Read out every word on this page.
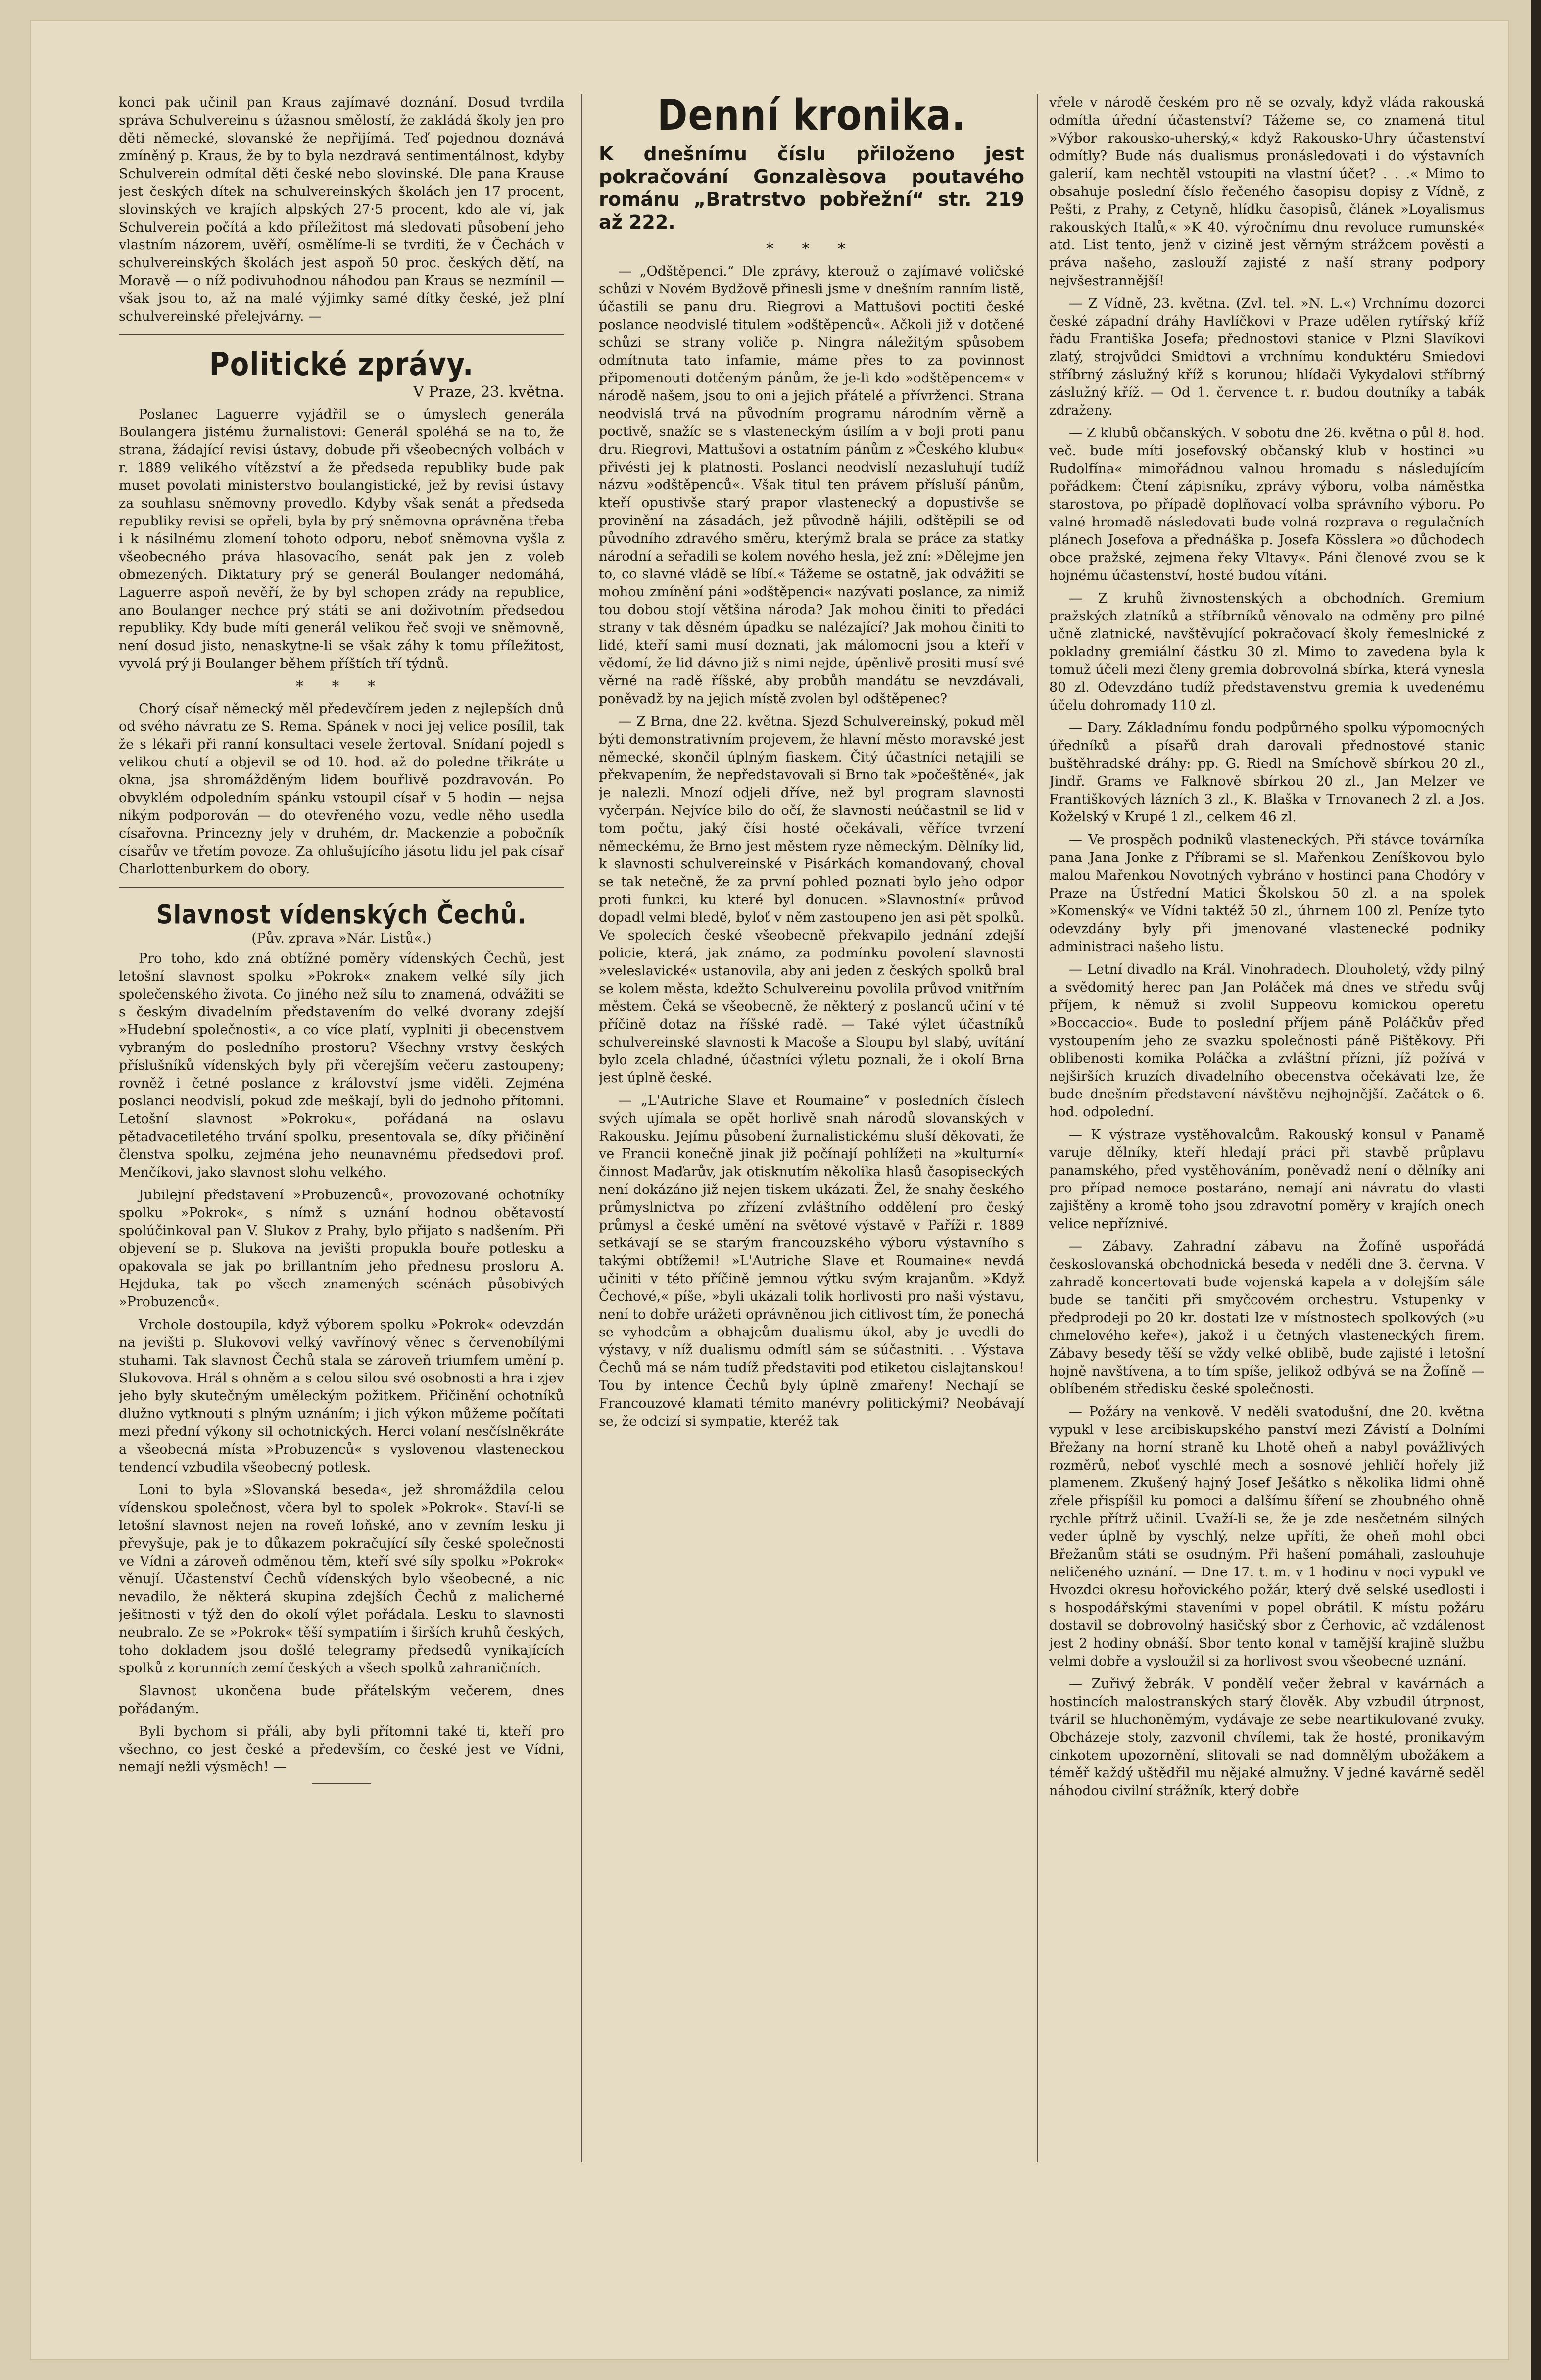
konci pak učinil pan Kraus zajímavé doznání. Dosud tvrdila správa Schulvereinu s úžasnou smělostí, že zakládá školy jen pro děti německé, slovanské že nepřijímá. Teď pojednou doznává zmíněný p. Kraus, že by to byla nezdravá sentimentálnost, kdyby Schulverein odmítal děti české nebo slovinské. Dle pana Krause jest českých dítek na schulvereinských školách jen 17 procent, slovinských ve krajích alpských 27·5 procent, kdo ale ví, jak Schulverein počítá a kdo příležitost má sledovati působení jeho vlastním názorem, uvěří, osmělíme-li se tvrditi, že v Čechách v schulvereinských školách jest aspoň 50 proc. českých dětí, na Moravě — o níž podivuhodnou náhodou pan Kraus se nezmínil — však jsou to, až na malé výjimky samé dítky české, jež plní schulvereinské přelejvárny. —

Politické zprávy.
V Praze, 23. května.

Poslanec Laguerre vyjádřil se o úmyslech generála Boulangera jistému žurnalistovi: Generál spoléhá se na to, že strana, žádající revisi ústavy, dobude při všeobecných volbách v r. 1889 velikého vítězství a že předseda republiky bude pak muset povolati ministerstvo boulangistické, jež by revisi ústavy za souhlasu sněmovny provedlo. Kdyby však senát a předseda republiky revisi se opřeli, byla by prý sněmovna oprávněna třeba i k násilnému zlomení tohoto odporu, neboť sněmovna vyšla z všeobecného práva hlasovacího, senát pak jen z voleb obmezených. Diktatury prý se generál Boulanger nedomáhá, Laguerre aspoň nevěří, že by byl schopen zrády na republice, ano Boulanger nechce prý státi se ani doživotním předsedou republiky. Kdy bude míti generál velikou řeč svoji ve sněmovně, není dosud jisto, nenaskytne-li se však záhy k tomu příležitost, vyvolá prý ji Boulanger během příštích tří týdnů.

* * *

Chorý císař německý měl předevčírem jeden z nejlepších dnů od svého návratu ze S. Rema. Spánek v noci jej velice posílil, tak že s lékaři při ranní konsultaci vesele žertoval. Snídaní pojedl s velikou chutí a objevil se od 10. hod. až do poledne třikráte u okna, jsa shromážděným lidem bouřlivě pozdravován. Po obvyklém odpoledním spánku vstoupil císař v 5 hodin — nejsa nikým podporován — do otevřeného vozu, vedle něho usedla císařovna. Princezny jely v druhém, dr. Mackenzie a pobočník císařův ve třetím povoze. Za ohlušujícího jásotu lidu jel pak císař Charlottenburkem do obory.

Slavnost vídenských Čechů.
(Pův. zprava »Nár. Listů«.)

Pro toho, kdo zná obtížné poměry vídenských Čechů, jest letošní slavnost spolku »Pokrok« znakem velké síly jich společenského života. Co jiného než sílu to znamená, odvážiti se s českým divadelním představením do velké dvorany zdejší »Hudební společnosti«, a co více platí, vyplniti ji obecenstvem vybraným do posledního prostoru? Všechny vrstvy českých příslušníků vídenských byly při včerejším večeru zastoupeny; rovněž i četné poslance z království jsme viděli. Zejména poslanci neodvislí, pokud zde meškají, byli do jednoho přítomni. Letošní slavnost »Pokroku«, pořádaná na oslavu pětadvacetiletého trvání spolku, presentovala se, díky přičinění členstva spolku, zejména jeho neunavnému předsedovi prof. Menčíkovi, jako slavnost slohu velkého.

Jubilejní představení »Probuzenců«, provozované ochotníky spolku »Pokrok«, s nímž s uznání hodnou obětavostí spolúčinkoval pan V. Slukov z Prahy, bylo přijato s nadšením. Při objevení se p. Slukova na jevišti propukla bouře potlesku a opakovala se jak po brillantním jeho přednesu prosloru A. Hejduka, tak po všech znamených scénách působivých »Probuzenců«.

Vrchole dostoupila, když výborem spolku »Pokrok« odevzdán na jevišti p. Slukovovi velký vavřínový věnec s červenobílými stuhami. Tak slavnost Čechů stala se zároveň triumfem umění p. Slukovova. Hrál s ohněm a s celou silou své osobnosti a hra i zjev jeho byly skutečným uměleckým požitkem. Přičinění ochotníků dlužno vytknouti s plným uznáním; i jich výkon můžeme počítati mezi přední výkony sil ochotnických. Herci volaní nesčíslněkráte a všeobecná místa »Probuzenců« s vyslovenou vlasteneckou tendencí vzbudila všeobecný potlesk.

Loni to byla »Slovanská beseda«, jež shromáždila celou vídenskou společnost, včera byl to spolek »Pokrok«. Staví-li se letošní slavnost nejen na roveň loňské, ano v zevním lesku ji převyšuje, pak je to důkazem pokračující síly české společnosti ve Vídni a zároveň odměnou těm, kteří své síly spolku »Pokrok« věnují. Účastenství Čechů vídenských bylo všeobecné, a nic nevadilo, že některá skupina zdejších Čechů z malicherné ješitnosti v týž den do okolí výlet pořádala. Lesku to slavnosti neubralo. Ze se »Pokrok« těší sympatiím i širších kruhů českých, toho dokladem jsou došlé telegramy předsedů vynikajících spolků z korunních zemí českých a všech spolků zahraničních.

Slavnost ukončena bude přátelským večerem, dnes pořádaným.

Byli bychom si přáli, aby byli přítomni také ti, kteří pro všechno, co jest české a především, co české jest ve Vídni, nemají nežli výsměch! —

Denní kronika.
K dnešnímu číslu přiloženo jest pokračování Gonzalèsova poutavého románu „Bratrstvo pobřežní“ str. 219 až 222.
* * *

— „Odštěpenci.“ Dle zprávy, kterouž o zajímavé voličské schůzi v Novém Bydžově přinesli jsme v dnešním ranním listě, účastili se panu dru. Riegrovi a Mattušovi poctiti české poslance neodvislé titulem »odštěpenců«. Ačkoli již v dotčené schůzi se strany voliče p. Ningra náležitým spůsobem odmítnuta tato infamie, máme přes to za povinnost připomenouti dotčeným pánům, že je-li kdo »odštěpencem« v národě našem, jsou to oni a jejich přátelé a přívrženci. Strana neodvislá trvá na původním programu národním věrně a poctivě, snažíc se s vlasteneckým úsilím a v boji proti panu dru. Riegrovi, Mattušovi a ostatním pánům z »Českého klubu« přivésti jej k platnosti. Poslanci neodvislí nezasluhují tudíž názvu »odštěpenců«. Však titul ten právem přísluší pánům, kteří opustivše starý prapor vlastenecký a dopustivše se provinění na zásadách, jež původně hájili, odštěpili se od původního zdravého směru, kterýmž brala se práce za statky národní a seřadili se kolem nového hesla, jež zní: »Dělejme jen to, co slavné vládě se líbí.« Tážeme se ostatně, jak odvážiti se mohou zmínění páni »odštěpenci« nazývati poslance, za nimiž tou dobou stojí většina národa? Jak mohou činiti to předáci strany v tak děsném úpadku se nalézající? Jak mohou činiti to lidé, kteří sami musí doznati, jak málomocni jsou a kteří v vědomí, že lid dávno již s nimi nejde, úpěnlivě prositi musí své věrné na radě říšské, aby probůh mandátu se nevzdávali, poněvadž by na jejich místě zvolen byl odštěpenec?

— Z Brna, dne 22. května. Sjezd Schulvereinský, pokud měl býti demonstrativním projevem, že hlavní město moravské jest německé, skončil úplným fiaskem. Čitý účastníci netajili se překvapením, že nepředstavovali si Brno tak »počeštěné«, jak je nalezli. Mnozí odjeli dříve, než byl program slavnosti vyčerpán. Nejvíce bilo do očí, že slavnosti neúčastnil se lid v tom počtu, jaký čísi hosté očekávali, věříce tvrzení německému, že Brno jest městem ryze německým. Dělníky lid, k slavnosti schulvereinské v Pisárkách komandovaný, choval se tak netečně, že za první pohled poznati bylo jeho odpor proti funkci, ku které byl donucen. »Slavnostní« průvod dopadl velmi bledě, byloť v něm zastoupeno jen asi pět spolků. Ve spolecích české všeobecně překvapilo jednání zdejší policie, která, jak známo, za podmínku povolení slavnosti »veleslavické« ustanovila, aby ani jeden z českých spolků bral se kolem města, kdežto Schulvereinu povolila průvod vnitřním městem. Čeká se všeobecně, že některý z poslanců učiní v té příčině dotaz na říšské radě. — Také výlet účastníků schulvereinské slavnosti k Macoše a Sloupu byl slabý, uvítání bylo zcela chladné, účastníci výletu poznali, že i okolí Brna jest úplně české.

— „L'Autriche Slave et Roumaine“ v posledních číslech svých ujímala se opět horlivě snah národů slovanských v Rakousku. Jejímu působení žurnalistickému sluší děkovati, že ve Francii konečně jinak již počínají pohlížeti na »kulturní« činnost Maďarův, jak otisknutím několika hlasů časopiseckých není dokázáno již nejen tiskem ukázati. Žel, že snahy českého průmyslnictva po zřízení zvláštního oddělení pro český průmysl a české umění na světové výstavě v Paříži r. 1889 setkávají se se starým francouzského výboru výstavního s takými obtížemi! »L'Autriche Slave et Roumaine« nevdá učiniti v této příčině jemnou výtku svým krajanům. »Když Čechové,« píše, »byli ukázali tolik horlivosti pro naši výstavu, není to dobře urážeti oprávněnou jich citlivost tím, že ponechá se vyhodcům a obhajcům dualismu úkol, aby je uvedli do výstavy, v níž dualismu odmítl sám se súčastniti. . . Výstava Čechů má se nám tudíž představiti pod etiketou cislajtanskou! Tou by intence Čechů byly úplně zmařeny! Nechají se Francouzové klamati témito manévry politickými? Neobávají se, že odcizí si sympatie, kteréž tak

vřele v národě českém pro ně se ozvaly, když vláda rakouská odmítla úřední účastenství? Tážeme se, co znamená titul »Výbor rakousko-uherský,« když Rakousko-Uhry účastenství odmítly? Bude nás dualismus pronásledovati i do výstavních galerií, kam nechtěl vstoupiti na vlastní účet? . . .« Mimo to obsahuje poslední číslo řečeného časopisu dopisy z Vídně, z Pešti, z Prahy, z Cetyně, hlídku časopisů, článek »Loyalismus rakouských Italů,« »K 40. výročnímu dnu revoluce rumunské« atd. List tento, jenž v cizině jest věrným strážcem pověsti a práva našeho, zaslouží zajisté z naší strany podpory nejvšestrannější!

— Z Vídně, 23. května. (Zvl. tel. »N. L.«) Vrchnímu dozorci české západní dráhy Havlíčkovi v Praze udělen rytířský kříž řádu Františka Josefa; přednostovi stanice v Plzni Slavíkovi zlatý, strojvůdci Smidtovi a vrchnímu konduktéru Smiedovi stříbrný záslužný kříž s korunou; hlídači Vykydalovi stříbrný záslužný kříž. — Od 1. července t. r. budou doutníky a tabák zdraženy.

— Z klubů občanských. V sobotu dne 26. května o půl 8. hod. več. bude míti josefovský občanský klub v hostinci »u Rudolfína« mimořádnou valnou hromadu s následujícím pořádkem: Čtení zápisníku, zprávy výboru, volba náměstka starostova, po případě doplňovací volba správního výboru. Po valné hromadě následovati bude volná rozprava o regulačních plánech Josefova a přednáška p. Josefa Kösslera »o důchodech obce pražské, zejmena řeky Vltavy«. Páni členové zvou se k hojnému účastenství, hosté budou vítáni.

— Z kruhů živnostenských a obchodních. Gremium pražských zlatníků a stříbrníků věnovalo na odměny pro pilné učně zlatnické, navštěvující pokračovací školy řemeslnické z pokladny gremiální částku 30 zl. Mimo to zavedena byla k tomuž účeli mezi členy gremia dobrovolná sbírka, která vynesla 80 zl. Odevzdáno tudíž představenstvu gremia k uvedenému účelu dohromady 110 zl.

— Dary. Základnímu fondu podpůrného spolku výpomocných úředníků a písařů drah darovali přednostové stanic buštěhradské dráhy: pp. G. Riedl na Smíchově sbírkou 20 zl., Jindř. Grams ve Falknově sbírkou 20 zl., Jan Melzer ve Františkových lázních 3 zl., K. Blaška v Trnovanech 2 zl. a Jos. Koželský v Krupé 1 zl., celkem 46 zl.

— Ve prospěch podniků vlasteneckých. Při stávce továrníka pana Jana Jonke z Příbrami se sl. Mařenkou Zeníškovou bylo malou Mařenkou Novotných vybráno v hostinci pana Chodóry v Praze na Ústřední Matici Školskou 50 zl. a na spolek »Komenský« ve Vídni taktéž 50 zl., úhrnem 100 zl. Peníze tyto odevzdány byly při jmenované vlastenecké podniky administraci našeho listu.

— Letní divadlo na Král. Vinohradech. Dlouholetý, vždy pilný a svědomitý herec pan Jan Poláček má dnes ve středu svůj příjem, k němuž si zvolil Suppeovu komickou operetu »Boccaccio«. Bude to poslední příjem páně Poláčkův před vystoupením jeho ze svazku společnosti páně Pištěkovy. Při oblibenosti komika Poláčka a zvláštní přízni, jíž požívá v nejširších kruzích divadelního obecenstva očekávati lze, že bude dnešním představení návštěvu nejhojnější. Začátek o 6. hod. odpolední.

— K výstraze vystěhovalcům. Rakouský konsul v Panamě varuje dělníky, kteří hledají práci při stavbě průplavu panamského, před vystěhováním, poněvadž není o dělníky ani pro případ nemoce postaráno, nemají ani návratu do vlasti zajištěny a kromě toho jsou zdravotní poměry v krajích onech velice nepříznivé.

— Zábavy. Zahradní zábavu na Žofíně uspořádá českoslovanská obchodnická beseda v neděli dne 3. června. V zahradě koncertovati bude vojenská kapela a v dolejším sále bude se tančiti při smyčcovém orchestru. Vstupenky v předprodeji po 20 kr. dostati lze v místnostech spolkových (»u chmelového keře«), jakož i u četných vlasteneckých firem. Zábavy besedy těší se vždy velké oblibě, bude zajisté i letošní hojně navštívena, a to tím spíše, jelikož odbývá se na Žofíně — oblíbeném středisku české společnosti.

— Požáry na venkově. V neděli svatodušní, dne 20. května vypukl v lese arcibiskupského panství mezi Závistí a Dolními Břežany na horní straně ku Lhotě oheň a nabyl povážlivých rozměrů, neboť vyschlé mech a sosnové jehličí hořely již plamenem. Zkušený hajný Josef Ješátko s několika lidmi ohně zřele přispíšil ku pomoci a dalšímu šíření se zhoubného ohně rychle přítrž učinil. Uvaží-li se, že je zde nesčetném silných veder úplně by vyschlý, nelze upříti, že oheň mohl obci Břežanům státi se osudným. Při hašení pomáhali, zaslouhuje neličeného uznání. — Dne 17. t. m. v 1 hodinu v noci vypukl ve Hvozdci okresu hořovického požár, který dvě selské usedlosti i s hospodářskými staveními v popel obrátil. K místu požáru dostavil se dobrovolný hasičský sbor z Čerhovic, ač vzdálenost jest 2 hodiny obnáší. Sbor tento konal v tamější krajině službu velmi dobře a vysloužil si za horlivost svou všeobecné uznání.

— Zuřivý žebrák. V pondělí večer žebral v kavárnách a hostincích malostranských starý člověk. Aby vzbudil útrpnost, tváril se hluchoněmým, vydávaje ze sebe neartikulované zvuky. Obcházeje stoly, zazvonil chvílemi, tak že hosté, pronikavým cinkotem upozornění, slitovali se nad domnělým ubožákem a téměř každý uštědřil mu nějaké almužny. V jedné kavárně seděl náhodou civilní strážník, který dobře
